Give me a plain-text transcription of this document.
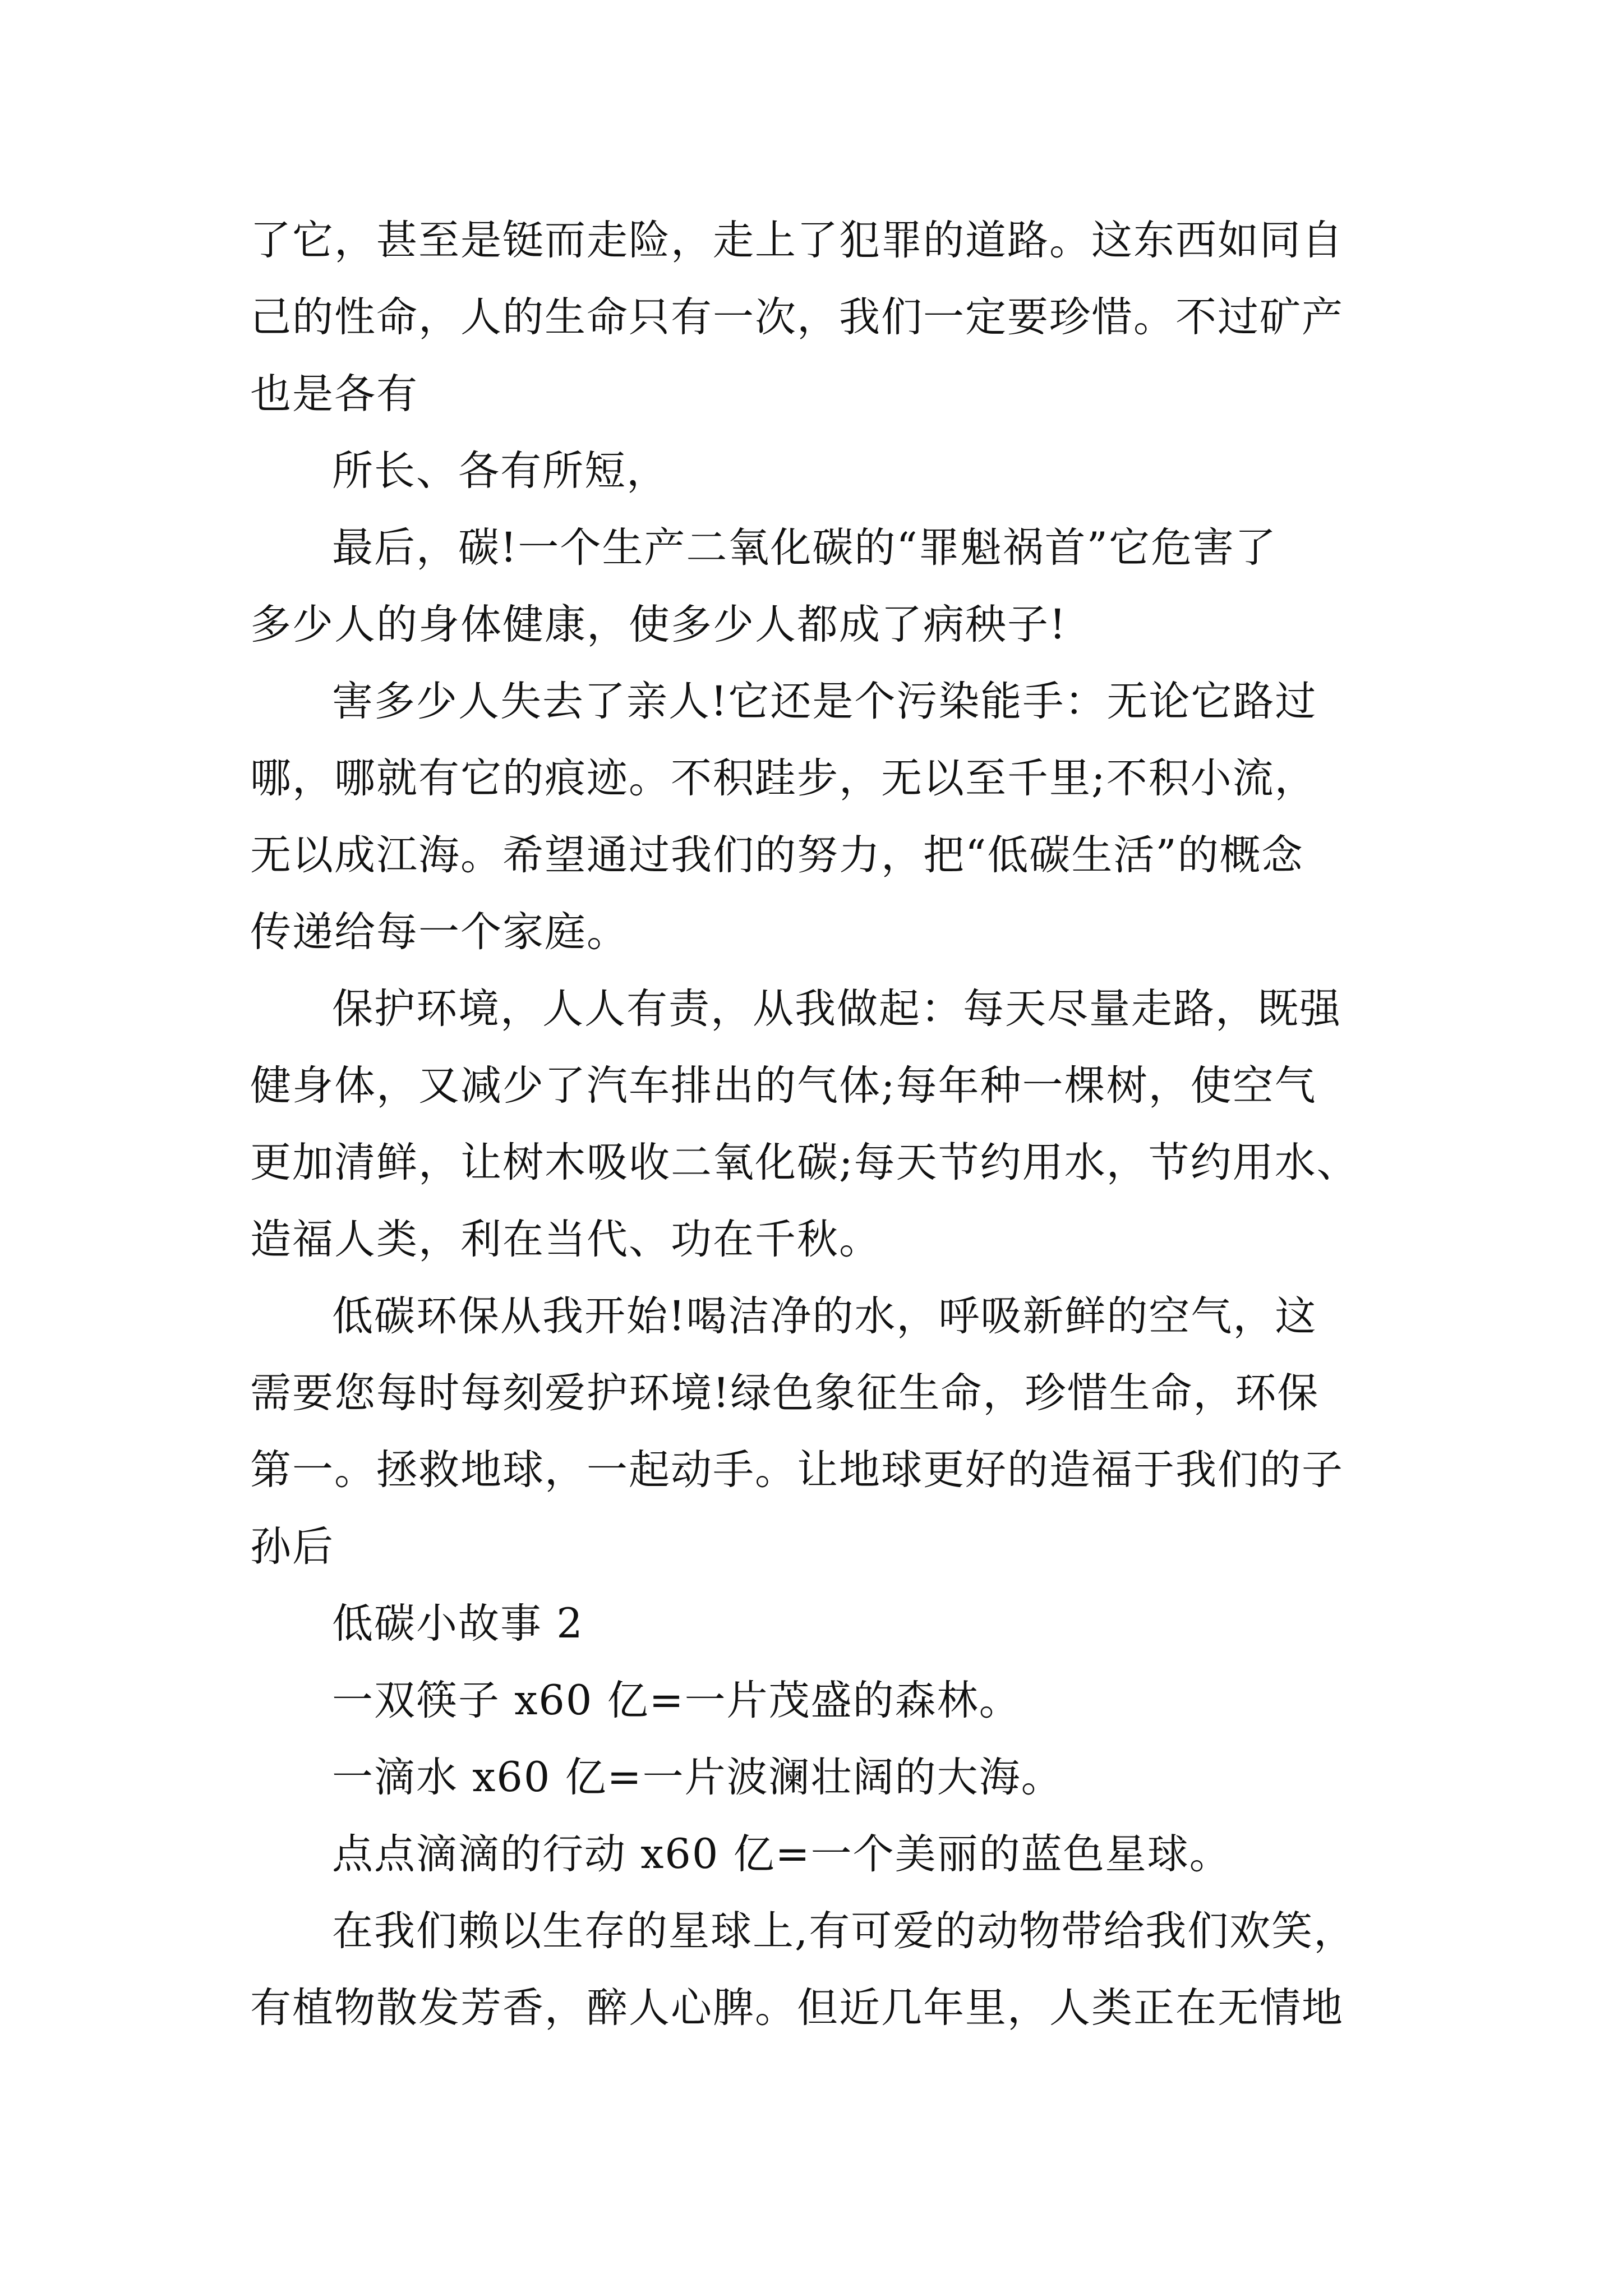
了它，甚至是铤而走险，走上了犯罪的道路。这东西如同自
己的性命，人的生命只有一次，我们一定要珍惜。不过矿产
也是各有

所长、各有所短，

最后，碳!一个生产二氧化碳的“罪魁祸首”它危害了
多少人的身体健康，使多少人都成了病秧子!

害多少人失去了亲人!它还是个污染能手：无论它路过
哪，哪就有它的痕迹。不积跬步，无以至千里;不积小流，
无以成江海。希望通过我们的努力，把“低碳生活”的概念
传递给每一个家庭。

保护环境，人人有责，从我做起：每天尽量走路，既强
健身体，又减少了汽车排出的气体;每年种一棵树，使空气
更加清鲜，让树木吸收二氧化碳;每天节约用水，节约用水、
造福人类，利在当代、功在千秋。

低碳环保从我开始!喝洁净的水，呼吸新鲜的空气，这
需要您每时每刻爱护环境!绿色象征生命，珍惜生命，环保
第一。拯救地球，一起动手。让地球更好的造福于我们的子
孙后

低碳小故事 2

一双筷子 x60 亿=一片茂盛的森林。

一滴水 x60 亿=一片波澜壮阔的大海。

点点滴滴的行动 x60 亿=一个美丽的蓝色星球。

在我们赖以生存的星球上,有可爱的动物带给我们欢笑，
有植物散发芳香，醉人心脾。但近几年里，人类正在无情地
